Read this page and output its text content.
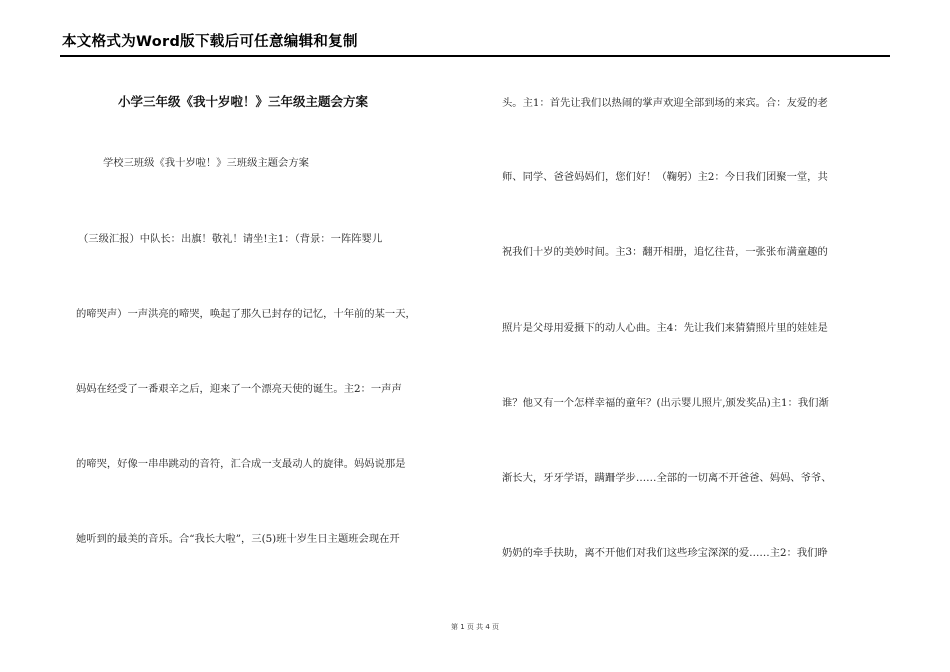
本文格式为Word版下载后可任意编辑和复制
小学三年级《我十岁啦！》三年级主题会方案
学校三班级《我十岁啦！》三班级主题会方案
（三级汇报）中队长：出旗！敬礼！请坐!主1：（背景：一阵阵婴儿
的啼哭声）一声洪亮的啼哭，唤起了那久已封存的记忆，十年前的某一天，
妈妈在经受了一番艰辛之后，迎来了一个漂亮天使的诞生。主2：一声声
的啼哭，好像一串串跳动的音符，汇合成一支最动人的旋律。妈妈说那是
她听到的最美的音乐。合“我长大啦”，三(5)班十岁生日主题班会现在开
头。主1：首先让我们以热闹的掌声欢迎全部到场的来宾。合：友爱的老
师、同学、爸爸妈妈们，您们好！（鞠躬）主2：今日我们团聚一堂，共
祝我们十岁的美妙时间。主3：翻开相册，追忆往昔，一张张布满童趣的
照片是父母用爱摄下的动人心曲。主4：先让我们来猜猜照片里的娃娃是
谁？他又有一个怎样幸福的童年？(出示婴儿照片,颁发奖品)主1：我们渐
渐长大，牙牙学语，蹒跚学步……全部的一切离不开爸爸、妈妈、爷爷、
奶奶的牵手扶助，离不开他们对我们这些珍宝深深的爱……主2：我们睁
第 1 页 共 4 页
